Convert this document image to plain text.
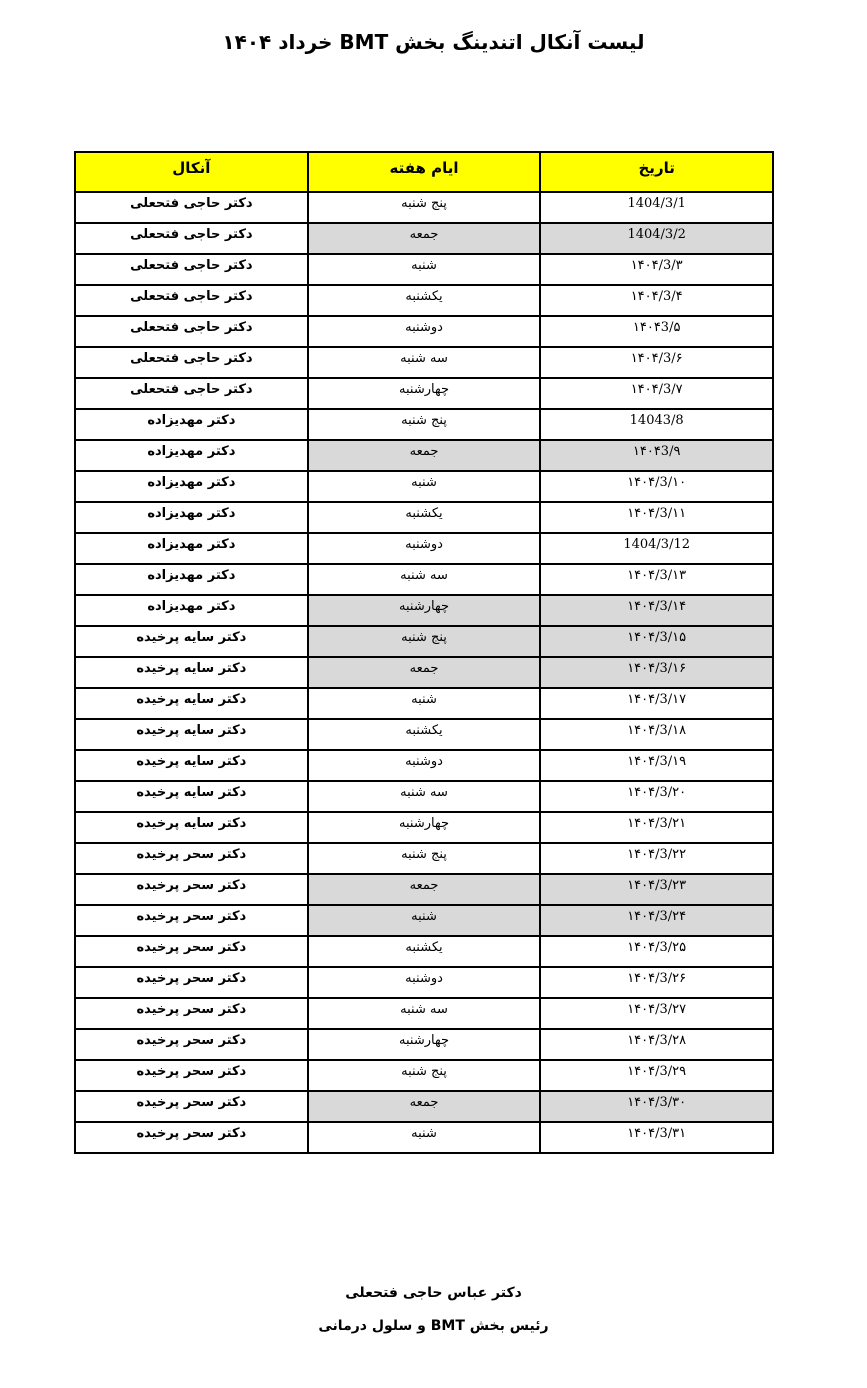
لیست آنکال اتندینگ بخش BMT خرداد ۱۴۰۴
تاریخ	ایام هفته	آنکال
1404/3/1	پنج شنبه	دکتر حاجی فتحعلی
1404/3/2	جمعه	دکتر حاجی فتحعلی
۱۴۰۴/3/۳	شنبه	دکتر حاجی فتحعلی
۱۴۰۴/3/۴	یکشنبه	دکتر حاجی فتحعلی
۱۴۰۴3/۵	دوشنبه	دکتر حاجی فتحعلی
۱۴۰۴/3/۶	سه شنبه	دکتر حاجی فتحعلی
۱۴۰۴/3/۷	چهارشنبه	دکتر حاجی فتحعلی
14043/8	پنج شنبه	دکتر مهدیزاده
۱۴۰۴3/۹	جمعه	دکتر مهدیزاده
۱۴۰۴/3/۱۰	شنبه	دکتر مهدیزاده
۱۴۰۴/3/۱۱	یکشنبه	دکتر مهدیزاده
1404/3/12	دوشنبه	دکتر مهدیزاده
۱۴۰۴/3/۱۳	سه شنبه	دکتر مهدیزاده
۱۴۰۴/3/۱۴	چهارشنبه	دکتر مهدیزاده
۱۴۰۴/3/۱۵	پنج شنبه	دکتر سایه پرخیده
۱۴۰۴/3/۱۶	جمعه	دکتر سایه پرخیده
۱۴۰۴/3/۱۷	شنبه	دکتر سایه پرخیده
۱۴۰۴/3/۱۸	یکشنبه	دکتر سایه پرخیده
۱۴۰۴/3/۱۹	دوشنبه	دکتر سایه پرخیده
۱۴۰۴/3/۲۰	سه شنبه	دکتر سایه پرخیده
۱۴۰۴/3/۲۱	چهارشنبه	دکتر سایه پرخیده
۱۴۰۴/3/۲۲	پنج شنبه	دکتر سحر پرخیده
۱۴۰۴/3/۲۳	جمعه	دکتر سحر پرخیده
۱۴۰۴/3/۲۴	شنبه	دکتر سحر پرخیده
۱۴۰۴/3/۲۵	یکشنبه	دکتر سحر پرخیده
۱۴۰۴/3/۲۶	دوشنبه	دکتر سحر پرخیده
۱۴۰۴/3/۲۷	سه شنبه	دکتر سحر پرخیده
۱۴۰۴/3/۲۸	چهارشنبه	دکتر سحر پرخیده
۱۴۰۴/3/۲۹	پنج شنبه	دکتر سحر پرخیده
۱۴۰۴/3/۳۰	جمعه	دکتر سحر پرخیده
۱۴۰۴/3/۳۱	شنبه	دکتر سحر پرخیده
دکتر عباس حاجی فتحعلی
رئیس بخش BMT و سلول درمانی
